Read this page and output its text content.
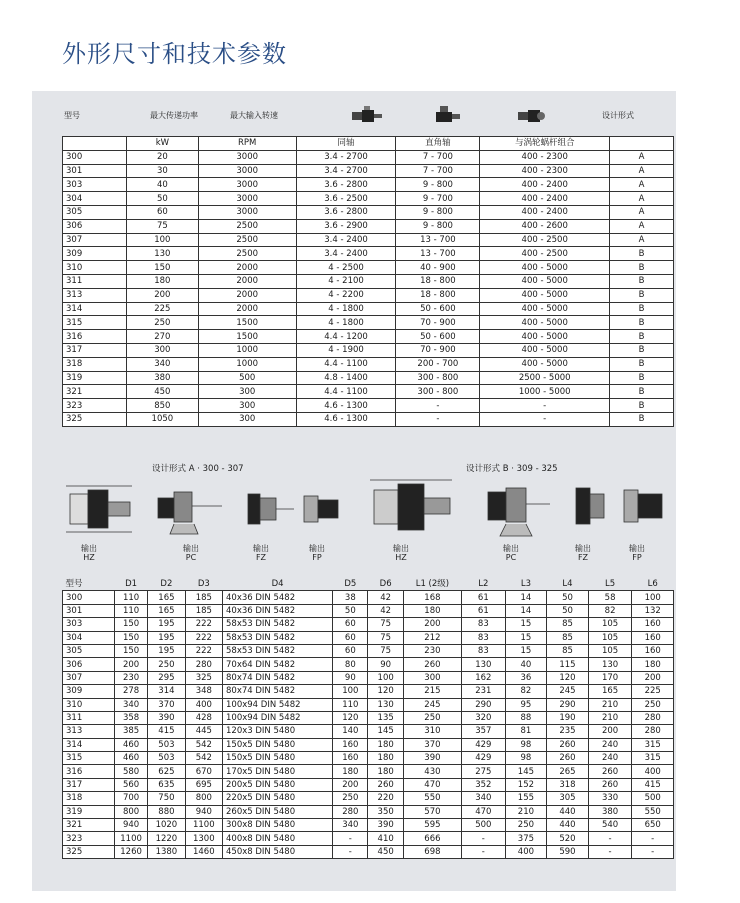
外形尺寸和技术参数
型号	最大传递功率	最大输入转速	设计形式
	kW	RPM	同轴	直角轴	与涡轮蜗杆组合	
300	20	3000	3.4 - 2700	7 - 700	400 - 2300	A
301	30	3000	3.4 - 2700	7 - 700	400 - 2300	A
303	40	3000	3.6 - 2800	9 - 800	400 - 2400	A
304	50	3000	3.6 - 2500	9 - 700	400 - 2400	A
305	60	3000	3.6 - 2800	9 - 800	400 - 2400	A
306	75	2500	3.6 - 2900	9 - 800	400 - 2600	A
307	100	2500	3.4 - 2400	13 - 700	400 - 2500	A
309	130	2500	3.4 - 2400	13 - 700	400 - 2500	B
310	150	2000	4 - 2500	40 - 900	400 - 5000	B
311	180	2000	4 - 2100	18 - 800	400 - 5000	B
313	200	2000	4 - 2200	18 - 800	400 - 5000	B
314	225	2000	4 - 1800	50 - 600	400 - 5000	B
315	250	1500	4 - 1800	70 - 900	400 - 5000	B
316	270	1500	4.4 - 1200	50 - 600	400 - 5000	B
317	300	1000	4 - 1900	70 - 900	400 - 5000	B
318	340	1000	4.4 - 1100	200 - 700	400 - 5000	B
319	380	500	4.8 - 1400	300 - 800	2500 - 5000	B
321	450	300	4.4 - 1100	300 - 800	1000 - 5000	B
323	850	300	4.6 - 1300	-	-	B
325	1050	300	4.6 - 1300	-	-	B
设计形式 A · 300 - 307	设计形式 B · 309 - 325
输出
HZ
输出
PC
输出
FZ
输出
FP
输出
HZ
输出
PC
输出
FZ
输出
FP
型号	D1	D2	D3	D4	D5	D6	L1 (2级)	L2	L3	L4	L5	L6
300	110	165	185	40x36 DIN 5482	38	42	168	61	14	50	58	100
301	110	165	185	40x36 DIN 5482	50	42	180	61	14	50	82	132
303	150	195	222	58x53 DIN 5482	60	75	200	83	15	85	105	160
304	150	195	222	58x53 DIN 5482	60	75	212	83	15	85	105	160
305	150	195	222	58x53 DIN 5482	60	75	230	83	15	85	105	160
306	200	250	280	70x64 DIN 5482	80	90	260	130	40	115	130	180
307	230	295	325	80x74 DIN 5482	90	100	300	162	36	120	170	200
309	278	314	348	80x74 DIN 5482	100	120	215	231	82	245	165	225
310	340	370	400	100x94 DIN 5482	110	130	245	290	95	290	210	250
311	358	390	428	100x94 DIN 5482	120	135	250	320	88	190	210	280
313	385	415	445	120x3 DIN 5480	140	145	310	357	81	235	200	280
314	460	503	542	150x5 DIN 5480	160	180	370	429	98	260	240	315
315	460	503	542	150x5 DIN 5480	160	180	390	429	98	260	240	315
316	580	625	670	170x5 DIN 5480	180	180	430	275	145	265	260	400
317	560	635	695	200x5 DIN 5480	200	260	470	352	152	318	260	415
318	700	750	800	220x5 DIN 5480	250	220	550	340	155	305	330	500
319	800	880	940	260x5 DIN 5480	280	350	570	470	210	440	380	550
321	940	1020	1100	300x8 DIN 5480	340	390	595	500	250	440	540	650
323	1100	1220	1300	400x8 DIN 5480	-	410	666	-	375	520	-	-
325	1260	1380	1460	450x8 DIN 5480	-	450	698	-	400	590	-	-
